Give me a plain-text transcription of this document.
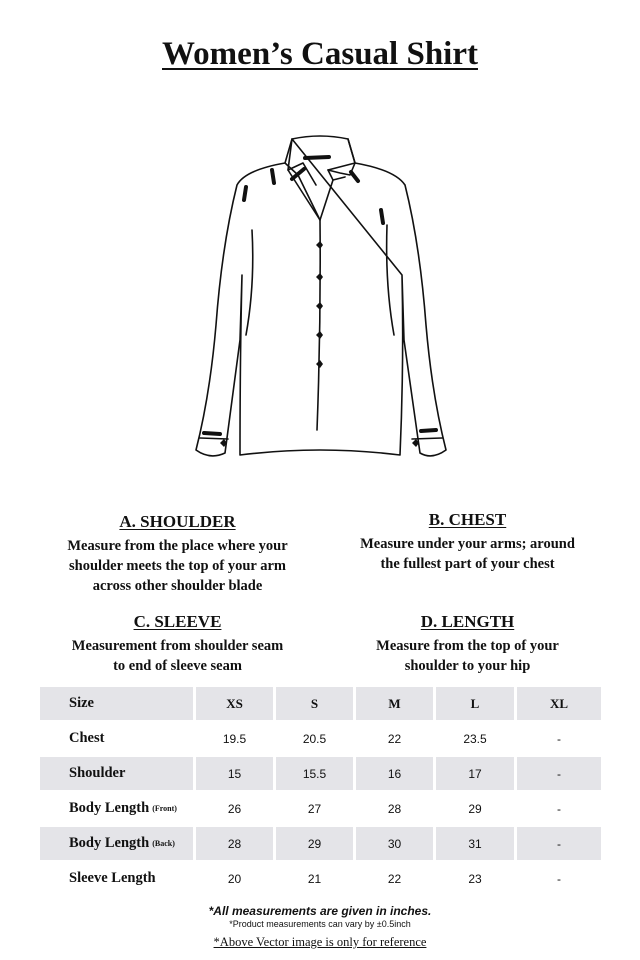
Women’s Casual Shirt
A. SHOULDER
Measure from the place where your
shoulder meets the top of your arm
across other shoulder blade
B. CHEST
Measure under your arms; around
the fullest part of your chest
C. SLEEVE
Measurement from shoulder seam
to end of sleeve seam
D. LENGTH
Measure from the top of your
shoulder to your hip
Size	XS	S	M	L	XL
Chest	19.5	20.5	22	23.5	-
Shoulder	15	15.5	16	17	-
Body Length (Front)	26	27	28	29	-
Body Length (Back)	28	29	30	31	-
Sleeve Length	20	21	22	23	-
*All measurements are given in inches.
*Product measurements can vary by ±0.5inch
*Above Vector image is only for reference
